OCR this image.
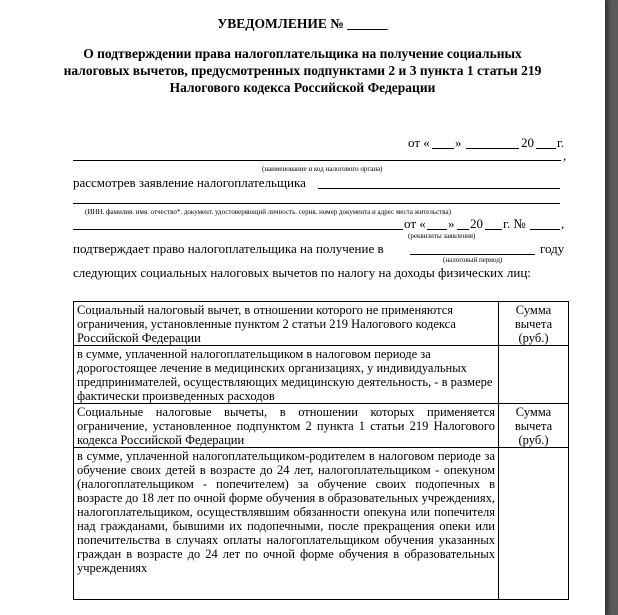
УВЕДОМЛЕНИЕ № ______
О подтверждении права налогоплательщика на получение социальных
налоговых вычетов, предусмотренных подпунктами 2 и 3 пункта 1 статьи 219
Налогового кодекса Российской Федерации
от « »	20 г.
,
(наименование и код налогового органа)
рассмотрев заявление налогоплательщика
(ИНН. фамилия. имя. отчество*. документ. удостоверяющий личность. серия. номер документа и адрес места жительства)
от « » 20 г. №	,
(реквизиты заявления)
подтверждает право налогоплательщика на получение в	году
(налоговый период)
следующих социальных налоговых вычетов по налогу на доходы физических лиц:
Социальный налоговый вычет, в отношении которого не применяются ограничения, установленные пунктом 2 статьи 219 Налогового кодекса Российской Федерации	Сумма вычета (руб.)
в сумме, уплаченной налогоплательщиком в налоговом периоде за дорогостоящее лечение в медицинских организациях, у индивидуальных предпринимателей, осуществляющих медицинскую деятельность, - в размере фактически произведенных расходов	
Социальные налоговые вычеты, в отношении которых применяется ограничение, установленное подпунктом 2 пункта 1 статьи 219 Налогового кодекса Российской Федерации	Сумма вычета (руб.)
в сумме, уплаченной налогоплательщиком-родителем в налоговом периоде за обучение своих детей в возрасте до 24 лет, налогоплательщиком - опекуном (налогоплательщиком - попечителем) за обучение своих подопечных в возрасте до 18 лет по очной форме обучения в образовательных учреждениях, налогоплательщиком, осуществлявшим обязанности опекуна или попечителя над гражданами, бывшими их подопечными, после прекращения опеки или попечительства в случаях оплаты налогоплательщиком обучения указанных граждан в возрасте до 24 лет по очной форме обучения в образовательных учреждениях	
